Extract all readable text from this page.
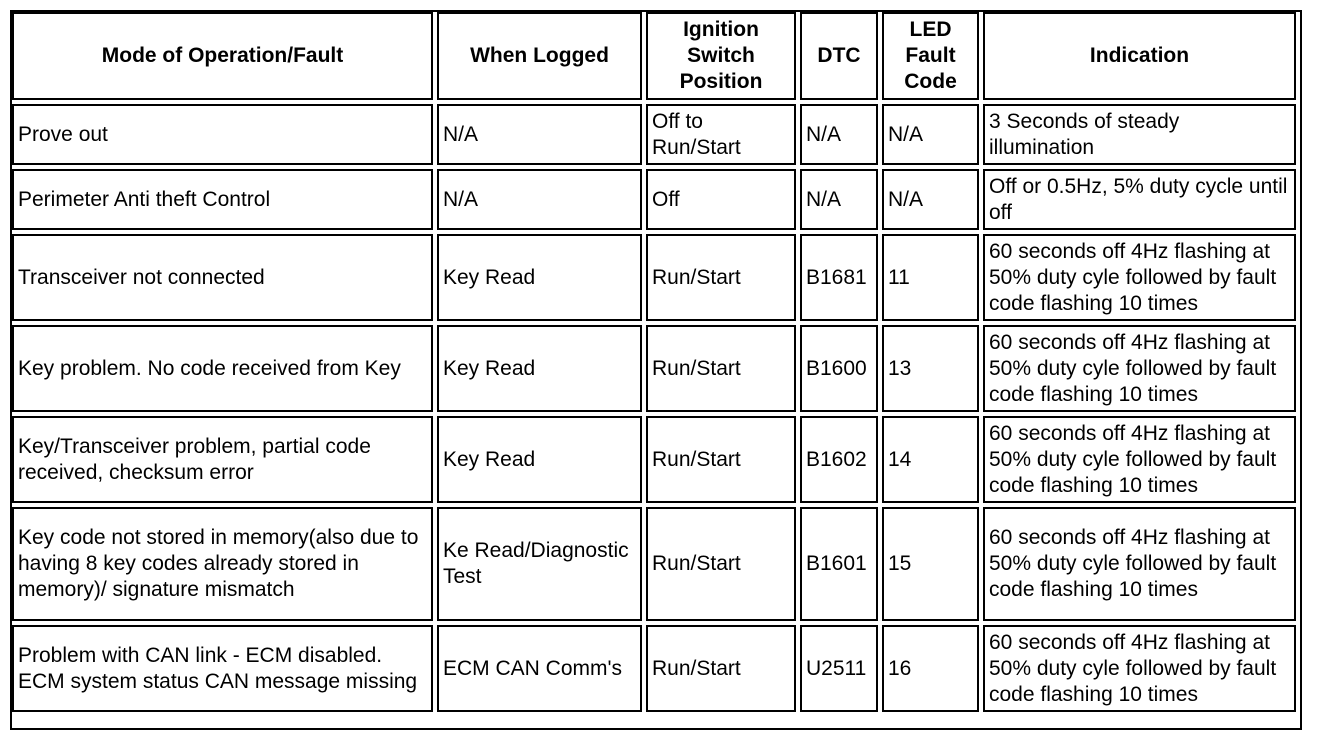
Mode of Operation/Fault	When Logged	Ignition Switch Position	DTC	LED Fault Code	Indication
Prove out	N/A	Off to Run/Start	N/A	N/A	3 Seconds of steady illumination
Perimeter Anti theft Control	N/A	Off	N/A	N/A	Off or 0.5Hz, 5% duty cycle until off
Transceiver not connected	Key Read	Run/Start	B1681	11	60 seconds off 4Hz flashing at 50% duty cyle followed by fault code flashing 10 times
Key problem. No code received from Key	Key Read	Run/Start	B1600	13	60 seconds off 4Hz flashing at 50% duty cyle followed by fault code flashing 10 times
Key/Transceiver problem, partial code received, checksum error	Key Read	Run/Start	B1602	14	60 seconds off 4Hz flashing at 50% duty cyle followed by fault code flashing 10 times
Key code not stored in memory(also due to having 8 key codes already stored in memory)/ signature mismatch	Ke Read/Diagnostic Test	Run/Start	B1601	15	60 seconds off 4Hz flashing at 50% duty cyle followed by fault code flashing 10 times
Problem with CAN link - ECM disabled. ECM system status CAN message missing	ECM CAN Comm's	Run/Start	U2511	16	60 seconds off 4Hz flashing at 50% duty cyle followed by fault code flashing 10 times
